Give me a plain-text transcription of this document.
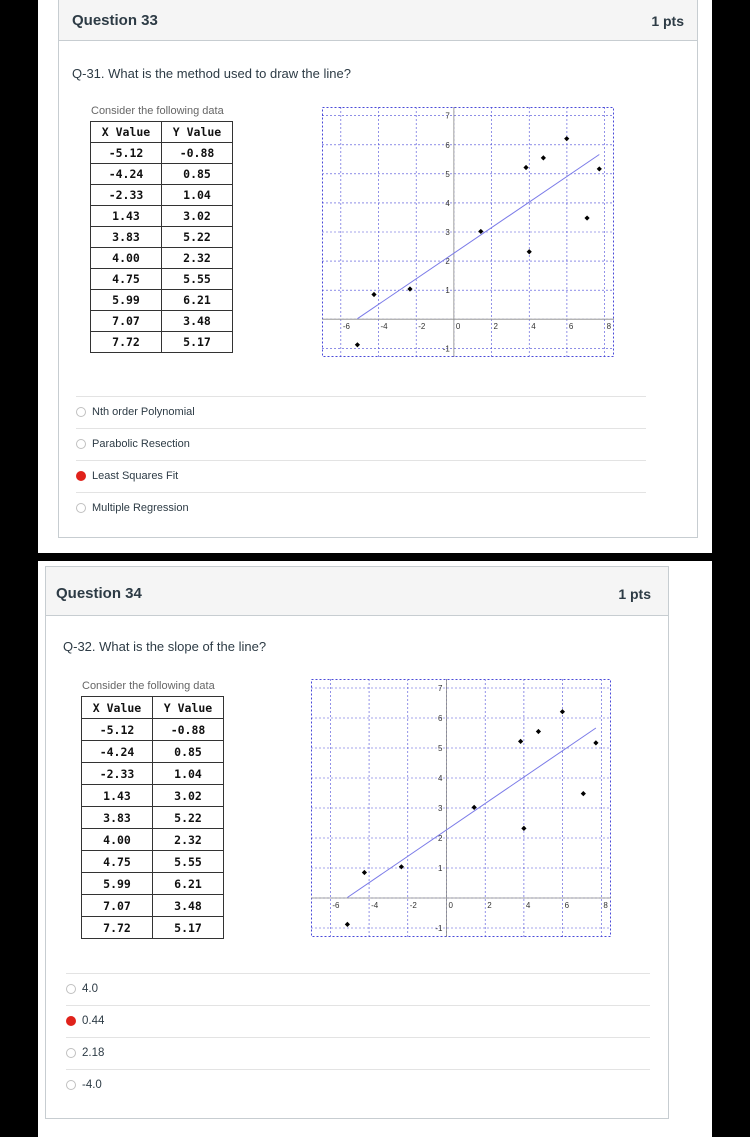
Question 33	1 pts
Q-31. What is the method used to draw the line?
Consider the following data
X Value	Y Value
-5.12	-0.88
-4.24	0.85
-2.33	1.04
1.43	3.02
3.83	5.22
4.00	2.32
4.75	5.55
5.99	6.21
7.07	3.48
7.72	5.17
-6	-4	-2	0	2	4	6	8
-1
1
2
3
4
5
6
7
Nth order Polynomial
Parabolic Resection
Least Squares Fit
Multiple Regression
Question 34	1 pts
Q-32. What is the slope of the line?
Consider the following data
X Value	Y Value
-5.12	-0.88
-4.24	0.85
-2.33	1.04
1.43	3.02
3.83	5.22
4.00	2.32
4.75	5.55
5.99	6.21
7.07	3.48
7.72	5.17
-6	-4	-2	0	2	4	6	8
-1
1
2
3
4
5
6
7
4.0
0.44
2.18
-4.0
